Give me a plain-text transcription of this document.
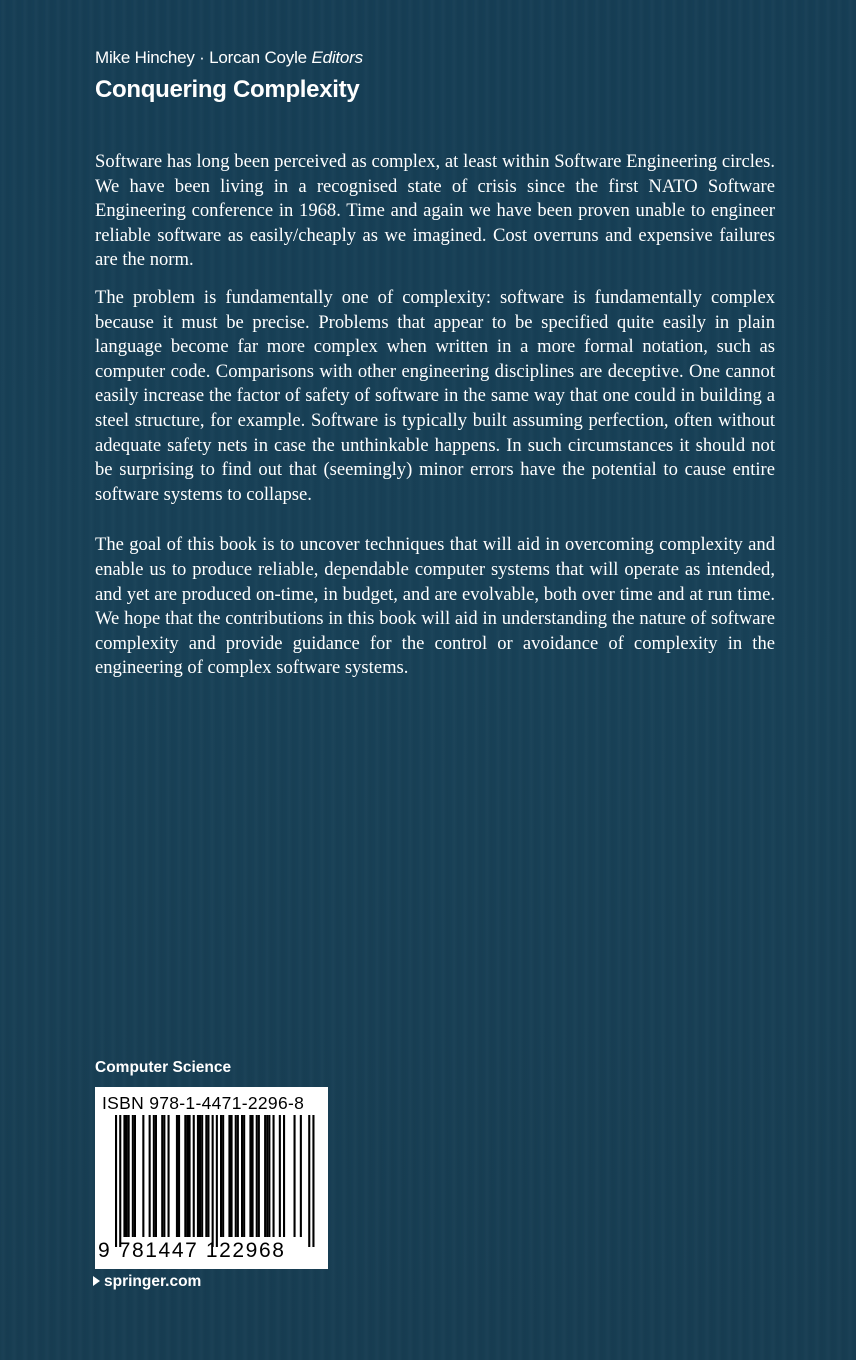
Mike Hinchey · Lorcan Coyle Editors
Conquering Complexity

Software has long been perceived as complex, at least within Software Engineering circles. We have been living in a recognised state of crisis since the first NATO Software Engineering conference in 1968. Time and again we have been proven unable to engineer reliable software as easily/cheaply as we imagined. Cost overruns and expensive failures are the norm.

The problem is fundamentally one of complexity: software is fundamentally complex because it must be precise. Problems that appear to be specified quite easily in plain language become far more complex when written in a more formal notation, such as computer code. Comparisons with other engineering disciplines are deceptive. One cannot easily increase the factor of safety of software in the same way that one could in building a steel structure, for example. Software is typically built assuming perfection, often without adequate safety nets in case the unthinkable happens. In such circumstances it should not be surprising to find out that (seemingly) minor errors have the potential to cause entire software systems to collapse.

The goal of this book is to uncover techniques that will aid in overcoming complexity and enable us to produce reliable, dependable computer systems that will operate as intended, and yet are produced on-time, in budget, and are evolvable, both over time and at run time. We hope that the contributions in this book will aid in understanding the nature of software complexity and provide guidance for the control or avoidance of complexity in the engineering of complex software systems.

Computer Science
ISBN 978-1-4471-2296-8
9 781447 122968
springer.com
